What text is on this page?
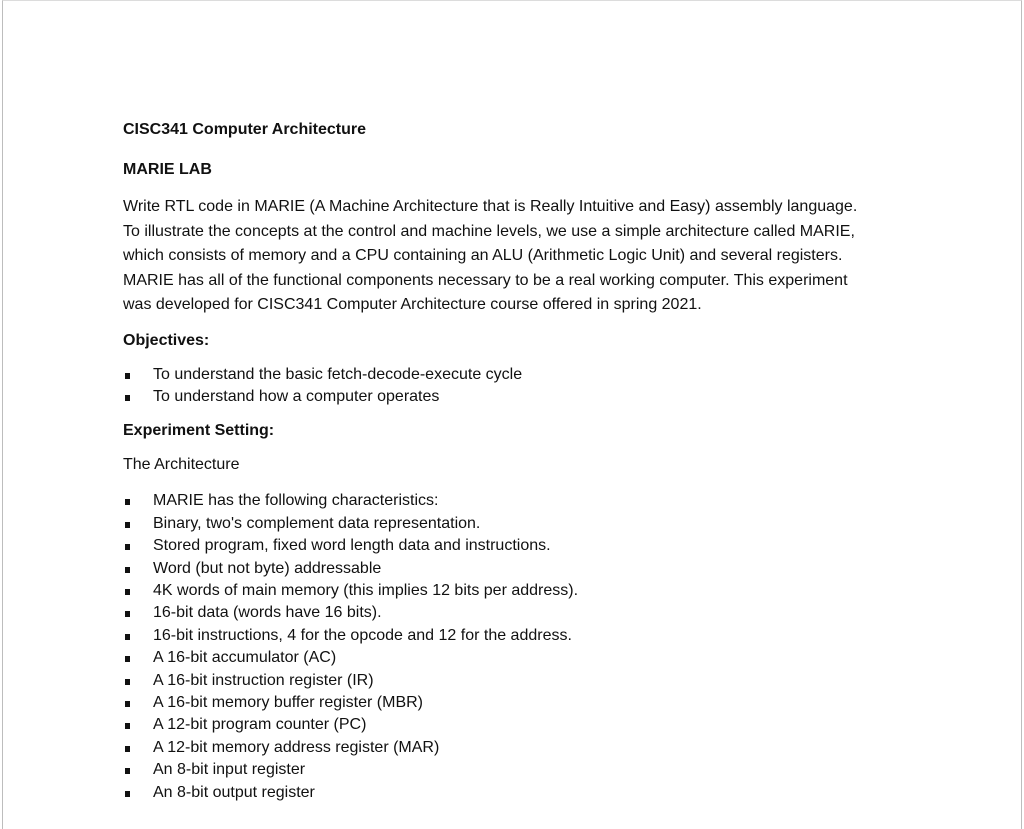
CISC341 Computer Architecture
MARIE LAB
Write RTL code in MARIE (A Machine Architecture that is Really Intuitive and Easy) assembly language.
To illustrate the concepts at the control and machine levels, we use a simple architecture called MARIE,
which consists of memory and a CPU containing an ALU (Arithmetic Logic Unit) and several registers.
MARIE has all of the functional components necessary to be a real working computer. This experiment
was developed for CISC341 Computer Architecture course offered in spring 2021.
Objectives:
To understand the basic fetch-decode-execute cycle
To understand how a computer operates
Experiment Setting:
The Architecture
MARIE has the following characteristics:
Binary, two's complement data representation.
Stored program, fixed word length data and instructions.
Word (but not byte) addressable
4K words of main memory (this implies 12 bits per address).
16-bit data (words have 16 bits).
16-bit instructions, 4 for the opcode and 12 for the address.
A 16-bit accumulator (AC)
A 16-bit instruction register (IR)
A 16-bit memory buffer register (MBR)
A 12-bit program counter (PC)
A 12-bit memory address register (MAR)
An 8-bit input register
An 8-bit output register
